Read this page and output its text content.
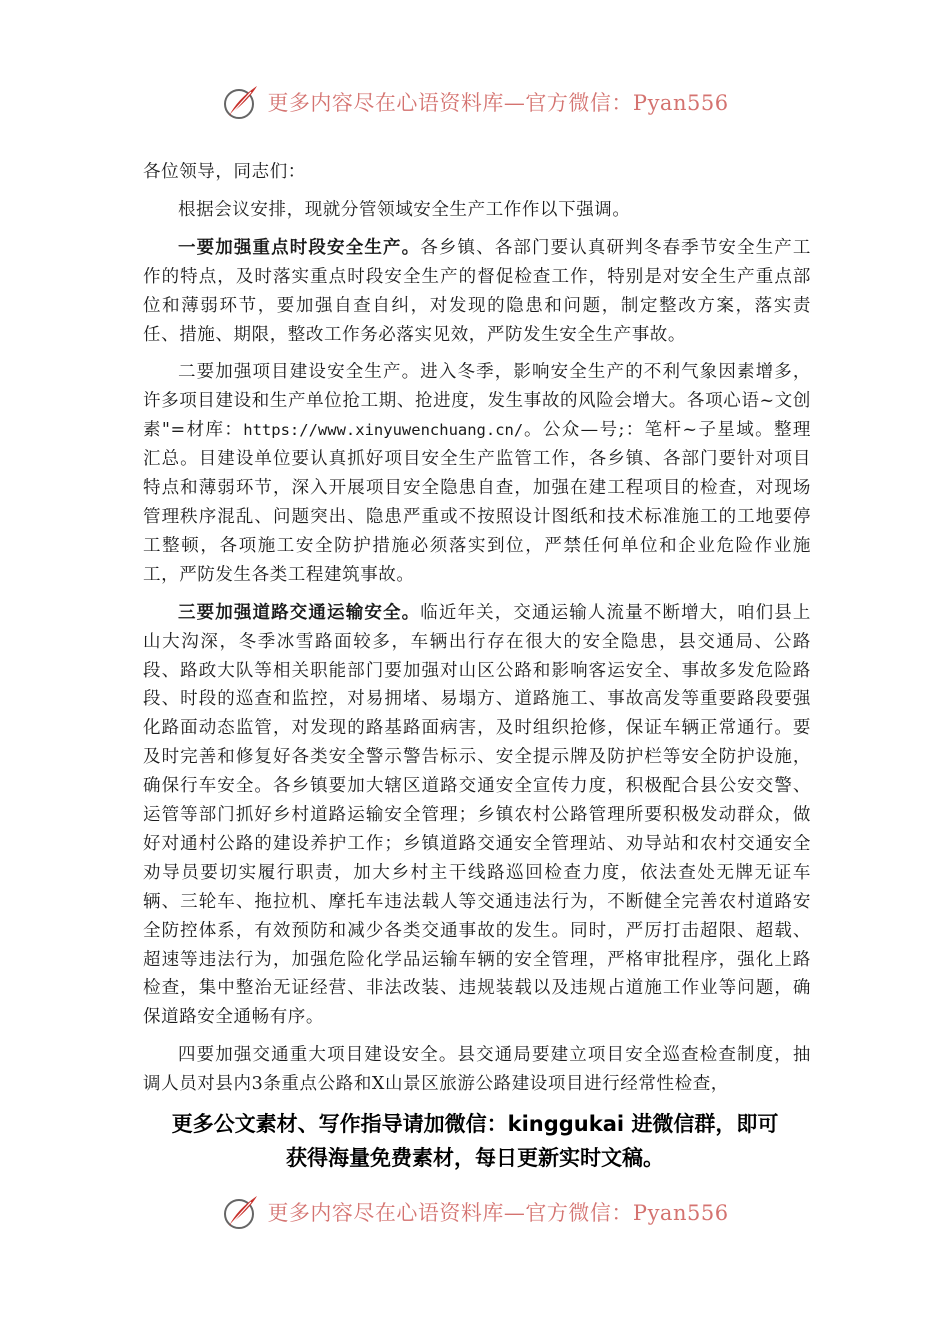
更多内容尽在心语资料库—官方微信：Pyan556

各位领导，同志们：

根据会议安排，现就分管领域安全生产工作作以下强调。

一要加强重点时段安全生产。各乡镇、各部门要认真研判冬春季节安全生产工作的特点，及时落实重点时段安全生产的督促检查工作，特别是对安全生产重点部位和薄弱环节，要加强自查自纠，对发现的隐患和问题，制定整改方案，落实责任、措施、期限，整改工作务必落实见效，严防发生安全生产事故。

二要加强项目建设安全生产。进入冬季，影响安全生产的不利气象因素增多，许多项目建设和生产单位抢工期、抢进度，发生事故的风险会增大。各项心语~文创素"=材库：https://www.xinyuwenchuang.cn/。公众—号;：笔杆~子星域。整理汇总。目建设单位要认真抓好项目安全生产监管工作，各乡镇、各部门要针对项目特点和薄弱环节，深入开展项目安全隐患自查，加强在建工程项目的检查，对现场管理秩序混乱、问题突出、隐患严重或不按照设计图纸和技术标准施工的工地要停工整顿，各项施工安全防护措施必须落实到位，严禁任何单位和企业危险作业施工，严防发生各类工程建筑事故。

三要加强道路交通运输安全。临近年关，交通运输人流量不断增大，咱们县上山大沟深，冬季冰雪路面较多，车辆出行存在很大的安全隐患，县交通局、公路段、路政大队等相关职能部门要加强对山区公路和影响客运安全、事故多发危险路段、时段的巡查和监控，对易拥堵、易塌方、道路施工、事故高发等重要路段要强化路面动态监管，对发现的路基路面病害，及时组织抢修，保证车辆正常通行。要及时完善和修复好各类安全警示警告标示、安全提示牌及防护栏等安全防护设施，确保行车安全。各乡镇要加大辖区道路交通安全宣传力度，积极配合县公安交警、运管等部门抓好乡村道路运输安全管理；乡镇农村公路管理所要积极发动群众，做好对通村公路的建设养护工作；乡镇道路交通安全管理站、劝导站和农村交通安全劝导员要切实履行职责，加大乡村主干线路巡回检查力度，依法查处无牌无证车辆、三轮车、拖拉机、摩托车违法载人等交通违法行为，不断健全完善农村道路安全防控体系，有效预防和减少各类交通事故的发生。同时，严厉打击超限、超载、超速等违法行为，加强危险化学品运输车辆的安全管理，严格审批程序，强化上路检查，集中整治无证经营、非法改装、违规装载以及违规占道施工作业等问题，确保道路安全通畅有序。

四要加强交通重大项目建设安全。县交通局要建立项目安全巡查检查制度，抽调人员对县内3条重点公路和X山景区旅游公路建设项目进行经常性检查，

更多公文素材、写作指导请加微信：kinggukai 进微信群，即可
获得海量免费素材，每日更新实时文稿。
更多内容尽在心语资料库—官方微信：Pyan556
